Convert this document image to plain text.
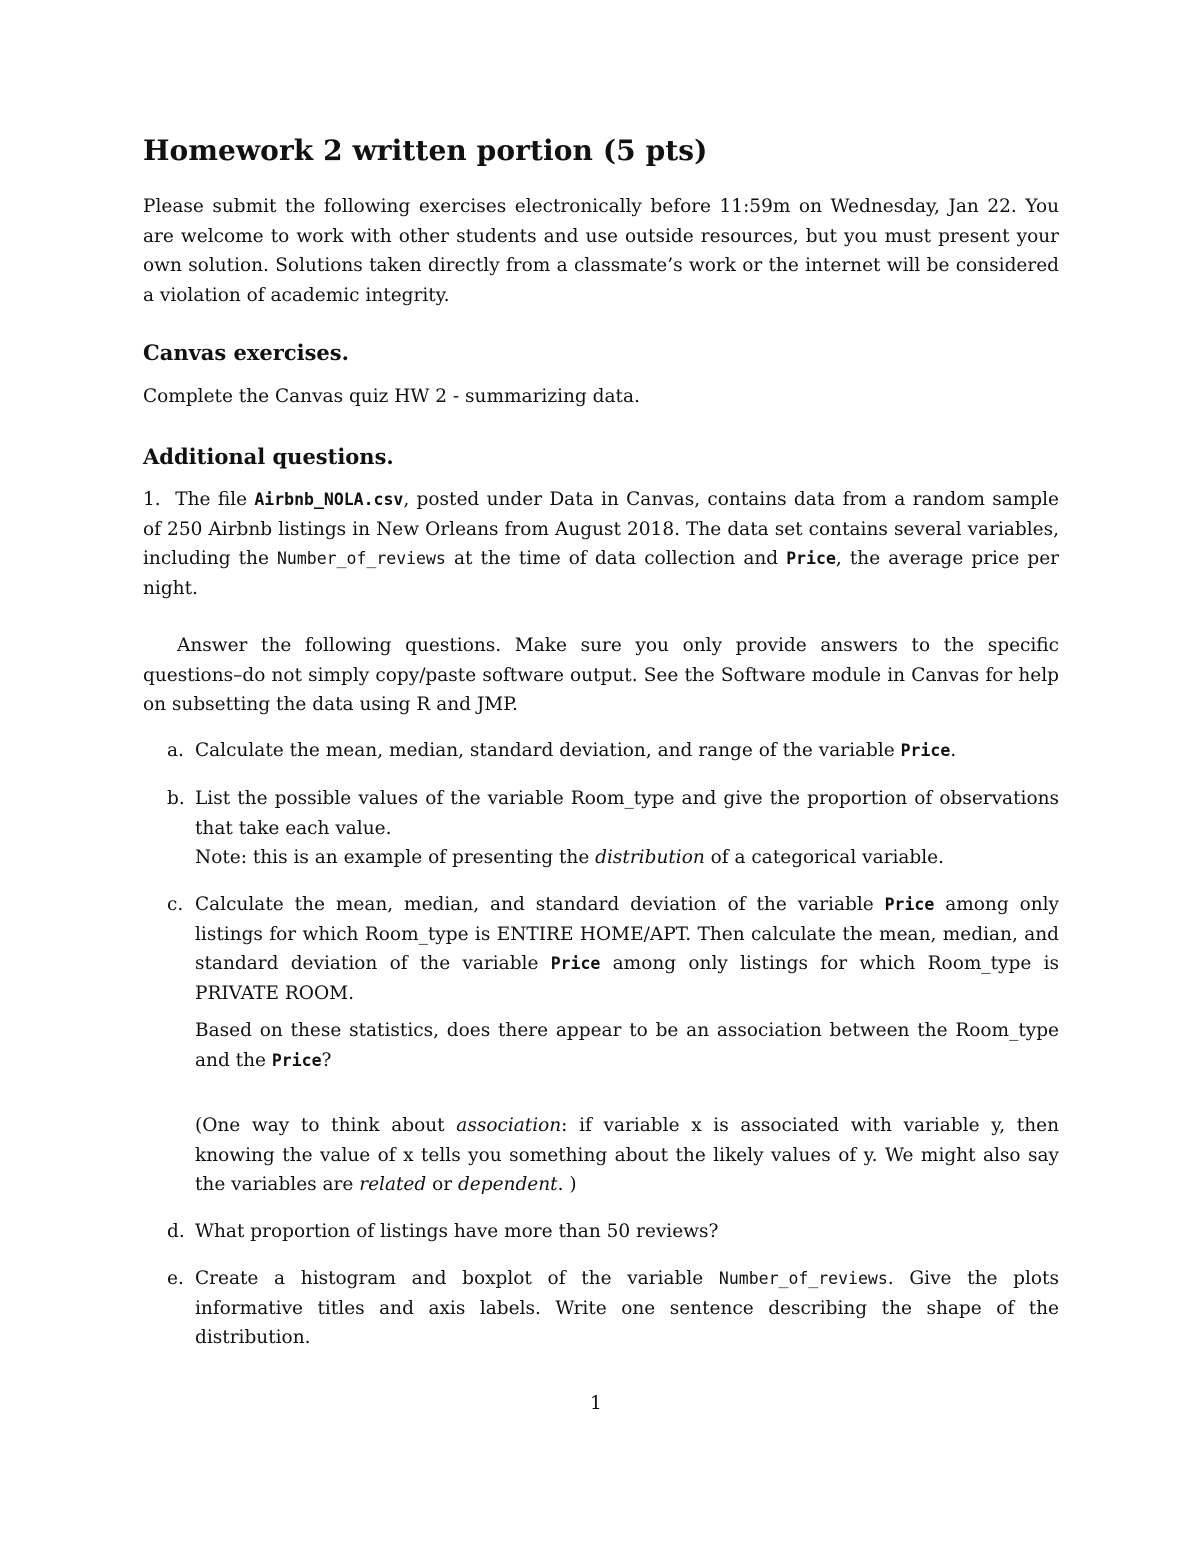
Homework 2 written portion (5 pts)
Please submit the following exercises electronically before 11:59m on Wednesday, Jan 22. You are welcome to work with other students and use outside resources, but you must present your own solution. Solutions taken directly from a classmate’s work or the internet will be considered a violation of academic integrity.
Canvas exercises.
Complete the Canvas quiz HW 2 - summarizing data.
Additional questions.
1. The file Airbnb_NOLA.csv, posted under Data in Canvas, contains data from a random sample of 250 Airbnb listings in New Orleans from August 2018. The data set contains several variables, including the Number_of_reviews at the time of data collection and Price, the average price per night.
Answer the following questions. Make sure you only provide answers to the specific questions–do not simply copy/paste software output. See the Software module in Canvas for help on subsetting the data using R and JMP.
a. Calculate the mean, median, standard deviation, and range of the variable Price.
b. List the possible values of the variable Room_type and give the proportion of observations that take each value.
Note: this is an example of presenting the distribution of a categorical variable.
c. Calculate the mean, median, and standard deviation of the variable Price among only listings for which Room_type is ENTIRE HOME/APT. Then calculate the mean, median, and standard deviation of the variable Price among only listings for which Room_type is PRIVATE ROOM.
Based on these statistics, does there appear to be an association between the Room_type and the Price?
(One way to think about association: if variable x is associated with variable y, then knowing the value of x tells you something about the likely values of y. We might also say the variables are related or dependent. )
d. What proportion of listings have more than 50 reviews?
e. Create a histogram and boxplot of the variable Number_of_reviews. Give the plots informative titles and axis labels. Write one sentence describing the shape of the distribution.
1
